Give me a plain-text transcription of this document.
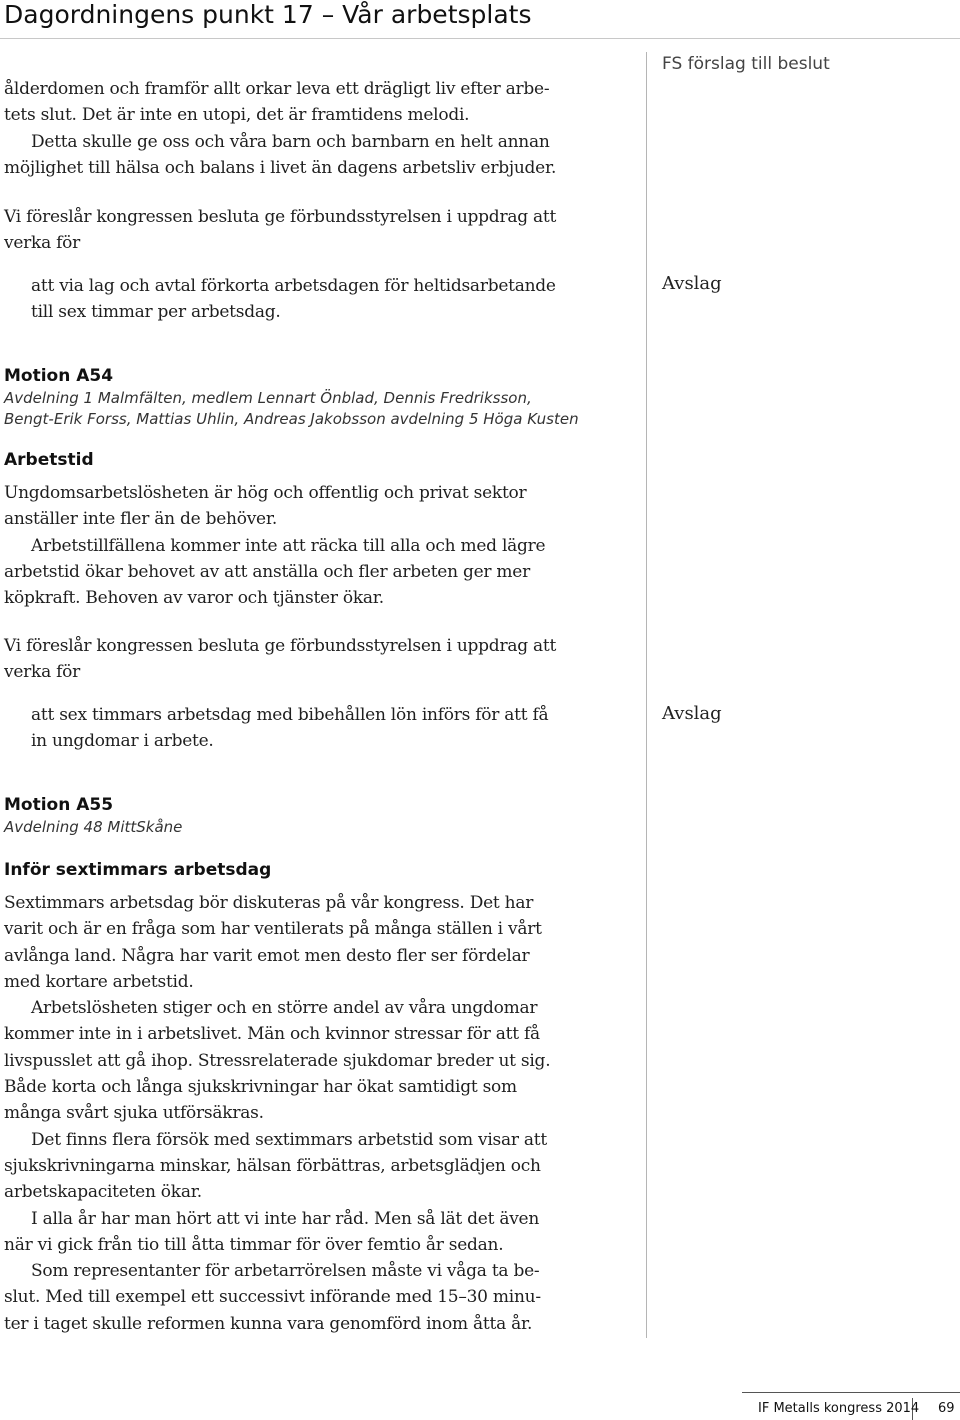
Dagordningens punkt 17 – Vår arbetsplats
FS förslag till beslut

ålderdomen och framför allt orkar leva ett drägligt liv efter arbe-
tets slut. Det är inte en utopi, det är framtidens melodi.
Detta skulle ge oss och våra barn och barnbarn en helt annan
möjlighet till hälsa och balans i livet än dagens arbetsliv erbjuder.

Vi föreslår kongressen besluta ge förbundsstyrelsen i uppdrag att
verka för

att via lag och avtal förkorta arbetsdagen för heltidsarbetande
till sex timmar per arbetsdag.

Avslag
Motion A54
Avdelning 1 Malmfälten, medlem Lennart Önblad, Dennis Fredriksson,
Bengt-Erik Forss, Mattias Uhlin, Andreas Jakobsson avdelning 5 Höga Kusten
Arbetstid

Ungdomsarbetslösheten är hög och offentlig och privat sektor
anställer inte fler än de behöver.
Arbetstillfällena kommer inte att räcka till alla och med lägre
arbetstid ökar behovet av att anställa och fler arbeten ger mer
köpkraft. Behoven av varor och tjänster ökar.

Vi föreslår kongressen besluta ge förbundsstyrelsen i uppdrag att
verka för

att sex timmars arbetsdag med bibehållen lön införs för att få
in ungdomar i arbete.

Avslag
Motion A55
Avdelning 48 MittSkåne
Inför sextimmars arbetsdag

Sextimmars arbetsdag bör diskuteras på vår kongress. Det har
varit och är en fråga som har ventilerats på många ställen i vårt
avlånga land. Några har varit emot men desto fler ser fördelar
med kortare arbetstid.
Arbetslösheten stiger och en större andel av våra ungdomar
kommer inte in i arbetslivet. Män och kvinnor stressar för att få
livspusslet att gå ihop. Stressrelaterade sjukdomar breder ut sig.
Både korta och långa sjukskrivningar har ökat samtidigt som
många svårt sjuka utförsäkras.
Det finns flera försök med sextimmars arbetstid som visar att
sjukskrivningarna minskar, hälsan förbättras, arbetsglädjen och
arbetskapaciteten ökar.
I alla år har man hört att vi inte har råd. Men så lät det även
när vi gick från tio till åtta timmar för över femtio år sedan.
Som representanter för arbetarrörelsen måste vi våga ta be-
slut. Med till exempel ett successivt införande med 15–30 minu-
ter i taget skulle reformen kunna vara genomförd inom åtta år.

IF Metalls kongress 2014 69
